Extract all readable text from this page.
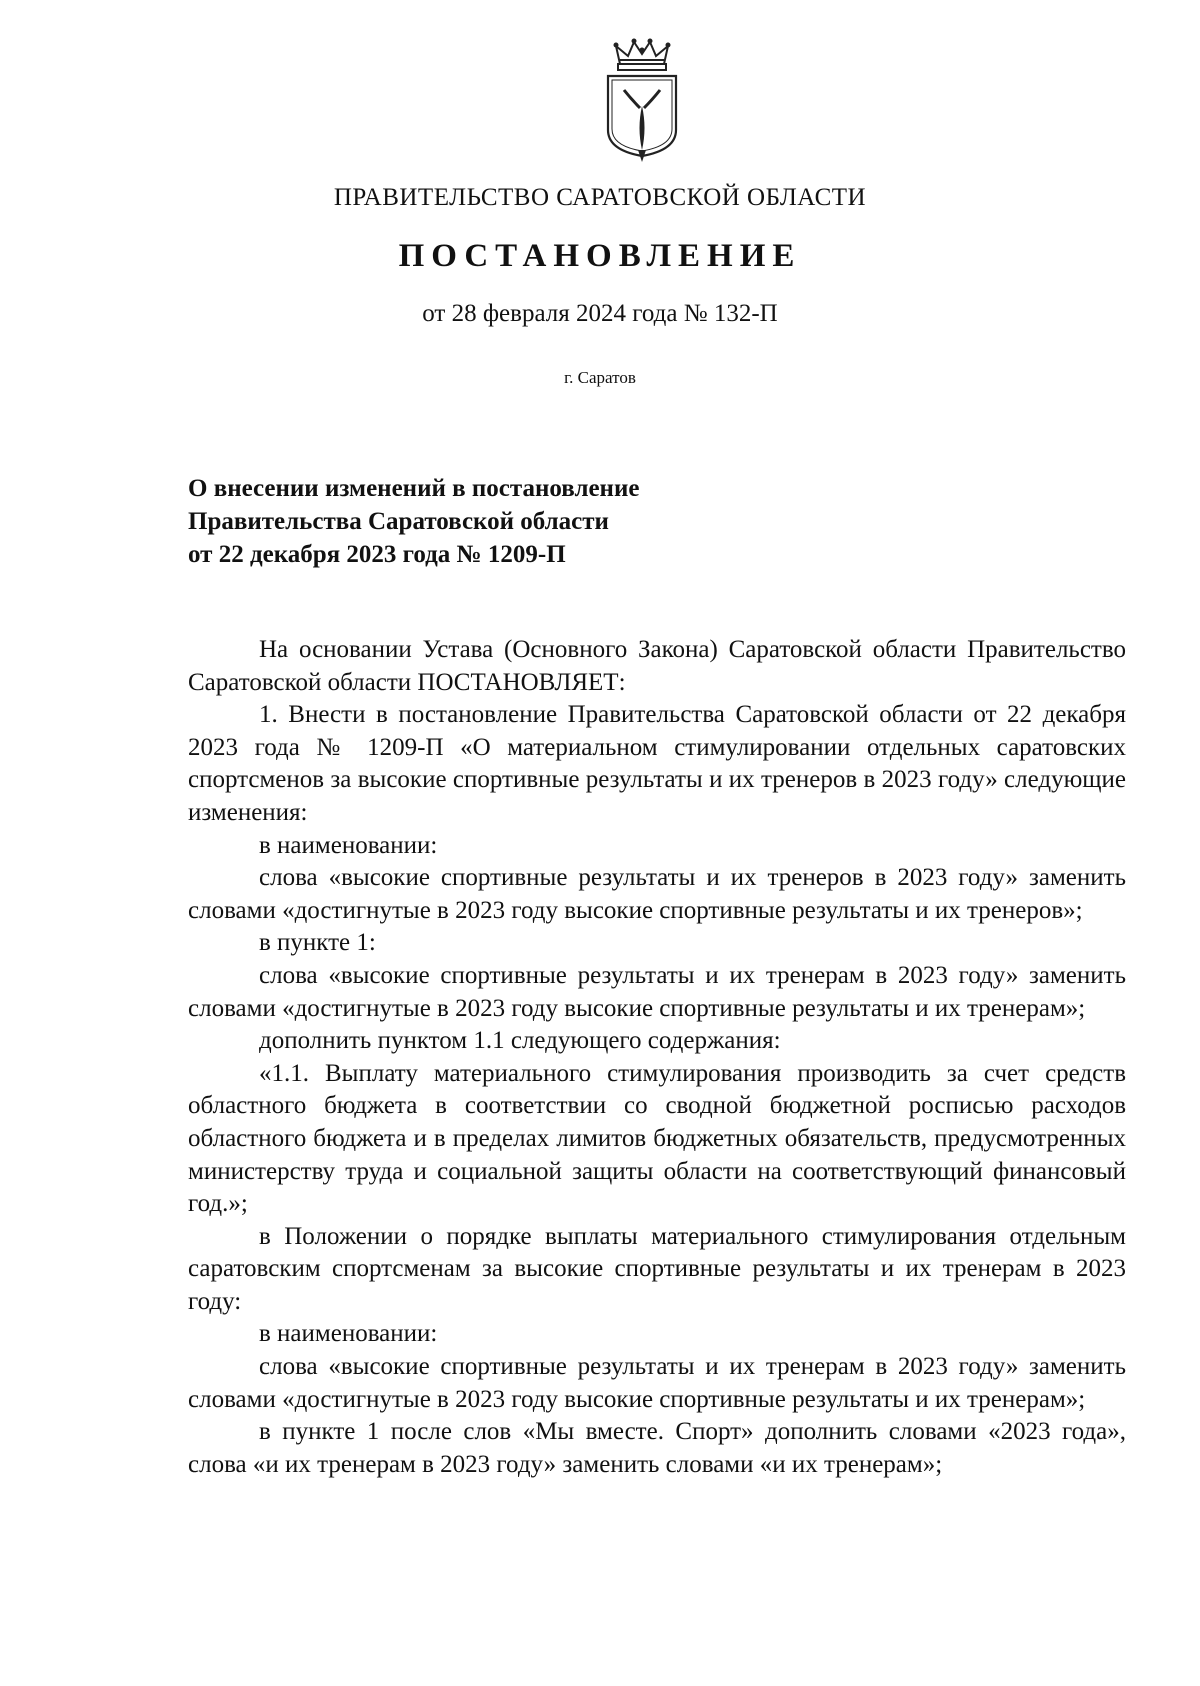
ПРАВИТЕЛЬСТВО САРАТОВСКОЙ ОБЛАСТИ
ПОСТАНОВЛЕНИЕ
от 28 февраля 2024 года № 132-П
г. Саратов
О внесении изменений в постановление
Правительства Саратовской области
от 22 декабря 2023 года № 1209-П

На основании Устава (Основного Закона) Саратовской области Правительство Саратовской области ПОСТАНОВЛЯЕТ:

1. Внести в постановление Правительства Саратовской области от 22 декабря 2023 года № 1209-П «О материальном стимулировании отдельных саратовских спортсменов за высокие спортивные результаты и их тренеров в 2023 году» следующие изменения:

в наименовании:

слова «высокие спортивные результаты и их тренеров в 2023 году» заменить словами «достигнутые в 2023 году высокие спортивные результаты и их тренеров»;

в пункте 1:

слова «высокие спортивные результаты и их тренерам в 2023 году» заменить словами «достигнутые в 2023 году высокие спортивные результаты и их тренерам»;

дополнить пунктом 1.1 следующего содержания:

«1.1. Выплату материального стимулирования производить за счет средств областного бюджета в соответствии со сводной бюджетной росписью расходов областного бюджета и в пределах лимитов бюджетных обязательств, предусмотренных министерству труда и социальной защиты области на соответствующий финансовый год.»;

в Положении о порядке выплаты материального стимулирования отдельным саратовским спортсменам за высокие спортивные результаты и их тренерам в 2023 году:

в наименовании:

слова «высокие спортивные результаты и их тренерам в 2023 году» заменить словами «достигнутые в 2023 году высокие спортивные результаты и их тренерам»;

в пункте 1 после слов «Мы вместе. Спорт» дополнить словами «2023 года», слова «и их тренерам в 2023 году» заменить словами «и их тренерам»;
